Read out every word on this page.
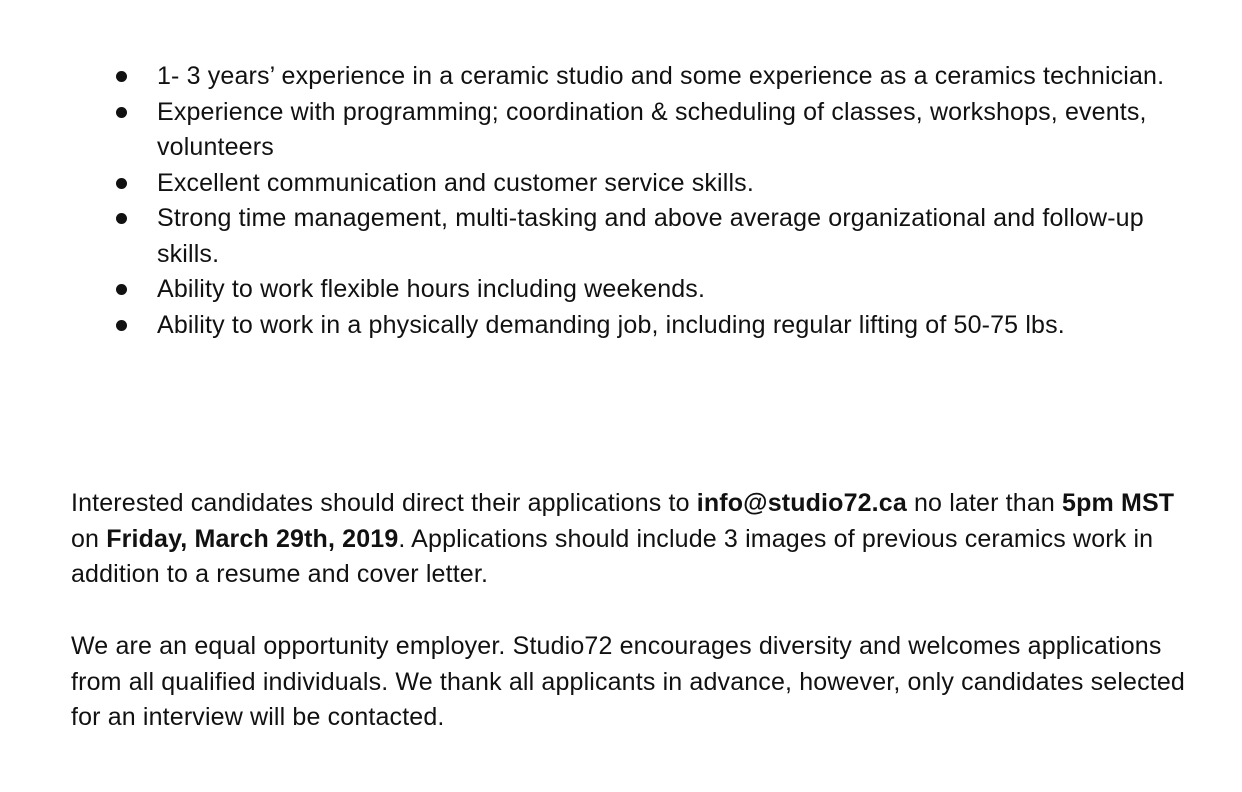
1- 3 years’ experience in a ceramic studio and some experience as a ceramics technician.
Experience with programming; coordination & scheduling of classes, workshops, events, volunteers
Excellent communication and customer service skills.
Strong time management, multi-tasking and above average organizational and follow-up skills.
Ability to work flexible hours including weekends.
Ability to work in a physically demanding job, including regular lifting of 50-75 lbs.

Interested candidates should direct their applications to info@studio72.ca no later than 5pm MST on Friday, March 29th, 2019. Applications should include 3 images of previous ceramics work in addition to a resume and cover letter.

We are an equal opportunity employer. Studio72 encourages diversity and welcomes applications from all qualified individuals. We thank all applicants in advance, however, only candidates selected for an interview will be contacted.
